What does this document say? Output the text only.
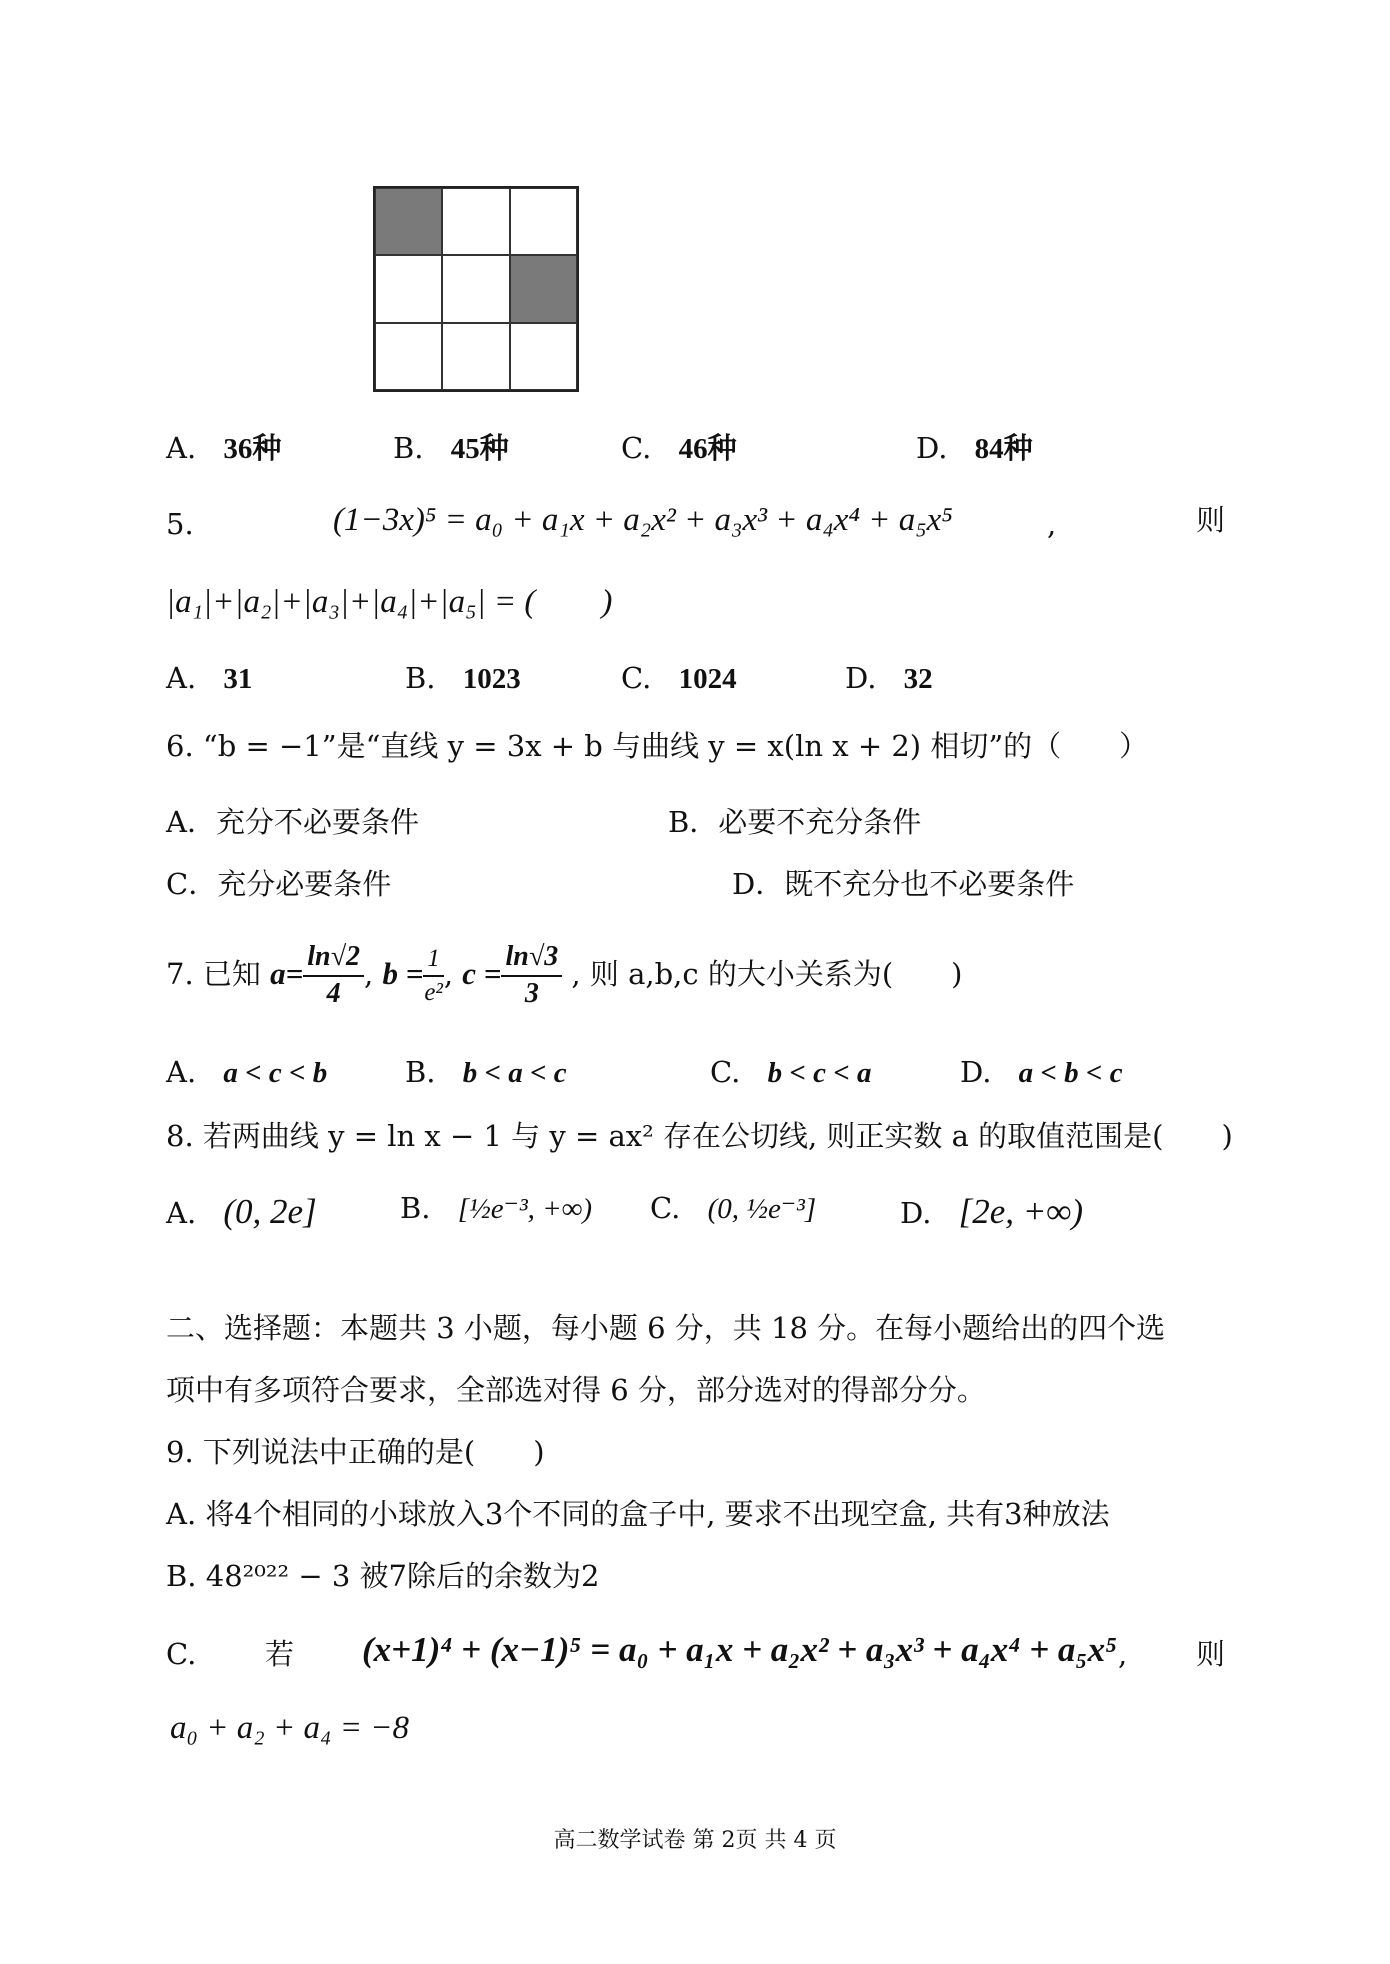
A. 36种	B. 45种	C. 46种	D. 84种
5.	(1−3x)⁵ = a₀ + a₁x + a₂x² + a₃x³ + a₄x⁴ + a₅x⁵	,	则
|a₁|+|a₂|+|a₃|+|a₄|+|a₅| = (　　)
A. 31	B. 1023	C. 1024	D. 32
6. “b = −1”是“直线 y = 3x + b 与曲线 y = x(ln x + 2) 相切”的（　　）
A．充分不必要条件	B．必要不充分条件
C．充分必要条件	D．既不充分也不必要条件
7. 已知 $a= \frac{\ln√2}{4}$ , $b = \frac{1}{\text{e²}}$ , $c = \frac{\ln√3}{3}$ , 则 a,b,c 的大小关系为(　　)
A. a < c < b	B. b < a < c	C. b < c < a	D. a < b < c
8. 若两曲线 y = ln x − 1 与 y = ax² 存在公切线, 则正实数 a 的取值范围是(　　)
A. (0, 2e]	B. [½e⁻³, +∞) C. (0, ½e⁻³]	D. [2e, +∞)
二、选择题：本题共 3 小题，每小题 6 分，共 18 分。在每小题给出的四个选
项中有多项符合要求，全部选对得 6 分，部分选对的得部分分。
9. 下列说法中正确的是(　　)
A. 将4个相同的小球放入3个不同的盒子中, 要求不出现空盒, 共有3种放法
B. 48²⁰²² − 3 被7除后的余数为2
C. 若 (x+1)⁴ + (x−1)⁵ = a₀ + a₁x + a₂x² + a₃x³ + a₄x⁴ + a₅x⁵ , 则
a₀ + a₂ + a₄ = −8
高二数学试卷 第 2页 共 4 页
